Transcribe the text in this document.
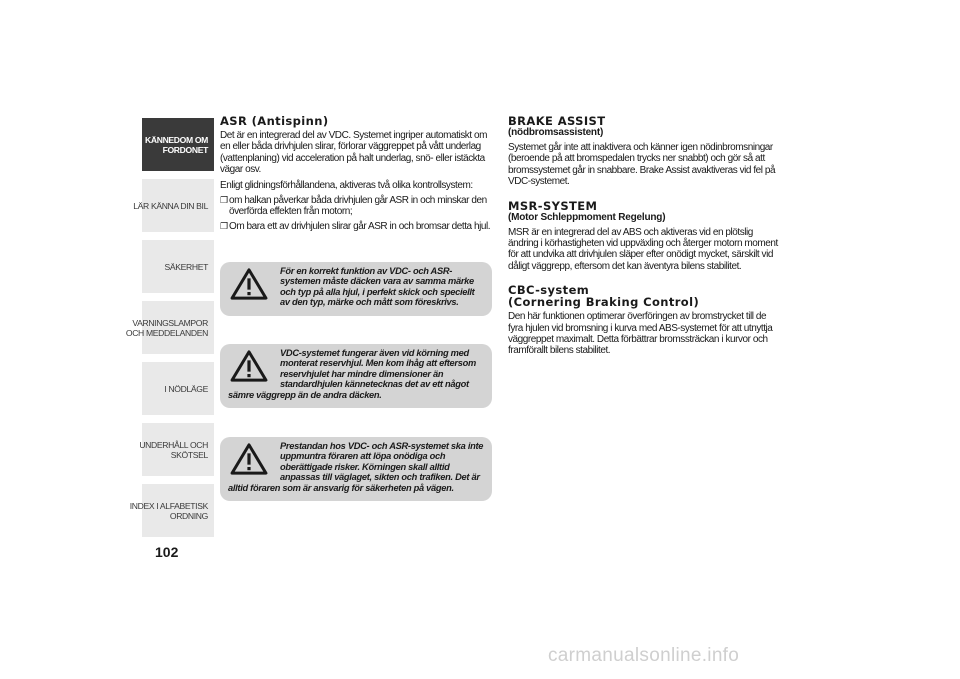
KÄNNEDOM OM
FORDONET
LÄR KÄNNA DIN BIL
SÄKERHET
VARNINGSLAMPOR
OCH MEDDELANDEN
I NÖDLÄGE
UNDERHÅLL OCH
SKÖTSEL
INDEX I ALFABETISK
ORDNING
102
ASR (Antispinn)

Det är en integrerad del av VDC. Systemet ingriper automatiskt om en eller båda drivhjulen slirar, förlorar väggreppet på vått underlag (vattenplaning) vid acceleration på halt underlag, snö- eller istäckta vägar osv.

Enligt glidningsförhållandena, aktiveras två olika kontrollsystem:

❐ om halkan påverkar båda drivhjulen går ASR in och minskar den överförda effekten från motorn;
❐ Om bara ett av drivhjulen slirar går ASR in och bromsar detta hjul.
För en korrekt funktion av VDC- och ASR-systemen måste däcken vara av samma märke och typ på alla hjul, i perfekt skick och speciellt av den typ, märke och mått som föreskrivs.
VDC-systemet fungerar även vid körning med monterat reservhjul. Men kom ihåg att eftersom reservhjulet har mindre dimensioner än standardhjulen kännetecknas det av ett något sämre väggrepp än de andra däcken.
Prestandan hos VDC- och ASR-systemet ska inte uppmuntra föraren att löpa onödiga och oberättigade risker. Körningen skall alltid anpassas till väglaget, sikten och trafiken. Det är alltid föraren som är ansvarig för säkerheten på vägen.
BRAKE ASSIST
(nödbromsassistent)

Systemet går inte att inaktivera och känner igen nödinbromsningar (beroende på att bromspedalen trycks ner snabbt) och gör så att bromssystemet går in snabbare. Brake Assist avaktiveras vid fel på VDC-systemet.

MSR-SYSTEM
(Motor Schleppmoment Regelung)

MSR är en integrerad del av ABS och aktiveras vid en plötslig ändring i körhastigheten vid uppväxling och återger motorn moment för att undvika att drivhjulen släper efter onödigt mycket, särskilt vid dåligt väggrepp, eftersom det kan äventyra bilens stabilitet.

CBC-system
(Cornering Braking Control)

Den här funktionen optimerar överföringen av bromstrycket till de fyra hjulen vid bromsning i kurva med ABS-systemet för att utnyttja väggreppet maximalt. Detta förbättrar bromssträckan i kurvor och framförallt bilens stabilitet.

carmanualsonline.info
